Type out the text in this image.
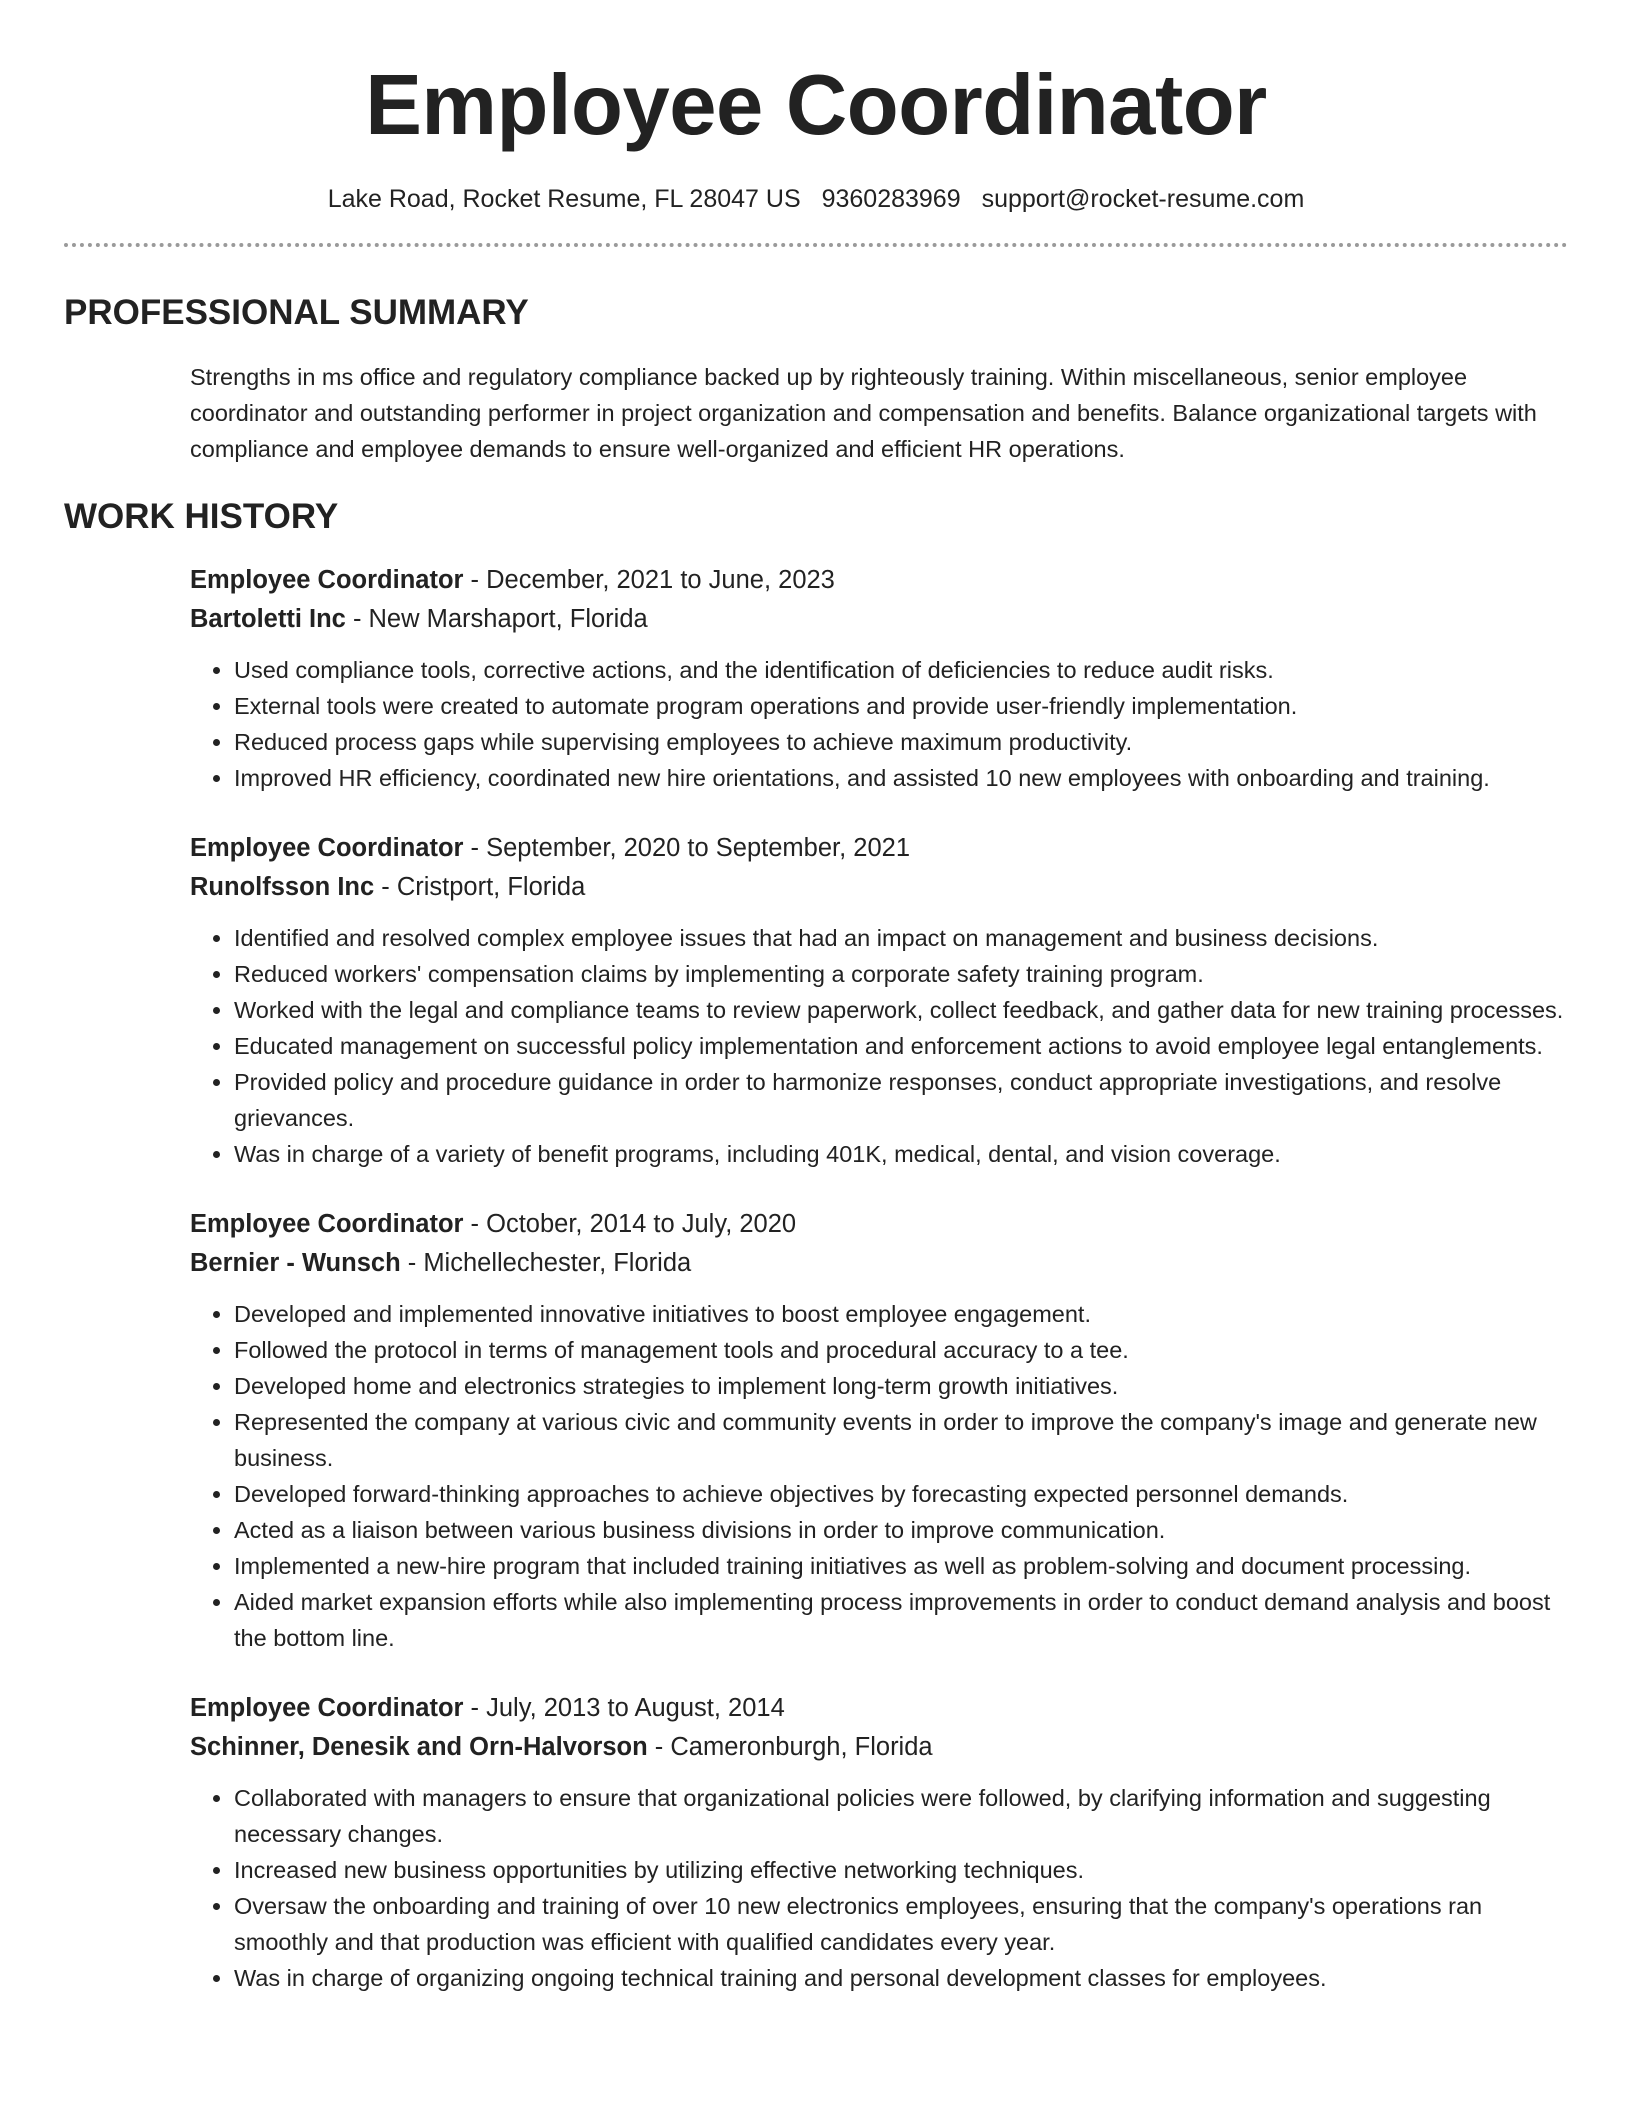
Employee Coordinator
Lake Road, Rocket Resume, FL 28047 US 9360283969 support@rocket-resume.com
PROFESSIONAL SUMMARY

Strengths in ms office and regulatory compliance backed up by righteously training. Within miscellaneous, senior employee coordinator and outstanding performer in project organization and compensation and benefits. Balance organizational targets with compliance and employee demands to ensure well-organized and efficient HR operations.

WORK HISTORY
Employee Coordinator - December, 2021 to June, 2023
Bartoletti Inc - New Marshaport, Florida
• Used compliance tools, corrective actions, and the identification of deficiencies to reduce audit risks.
• External tools were created to automate program operations and provide user-friendly implementation.
• Reduced process gaps while supervising employees to achieve maximum productivity.
• Improved HR efficiency, coordinated new hire orientations, and assisted 10 new employees with onboarding and training.
Employee Coordinator - September, 2020 to September, 2021
Runolfsson Inc - Cristport, Florida
• Identified and resolved complex employee issues that had an impact on management and business decisions.
• Reduced workers' compensation claims by implementing a corporate safety training program.
• Worked with the legal and compliance teams to review paperwork, collect feedback, and gather data for new training processes.
• Educated management on successful policy implementation and enforcement actions to avoid employee legal entanglements.
• Provided policy and procedure guidance in order to harmonize responses, conduct appropriate investigations, and resolve grievances.
• Was in charge of a variety of benefit programs, including 401K, medical, dental, and vision coverage.
Employee Coordinator - October, 2014 to July, 2020
Bernier - Wunsch - Michellechester, Florida
• Developed and implemented innovative initiatives to boost employee engagement.
• Followed the protocol in terms of management tools and procedural accuracy to a tee.
• Developed home and electronics strategies to implement long-term growth initiatives.
• Represented the company at various civic and community events in order to improve the company's image and generate new business.
• Developed forward-thinking approaches to achieve objectives by forecasting expected personnel demands.
• Acted as a liaison between various business divisions in order to improve communication.
• Implemented a new-hire program that included training initiatives as well as problem-solving and document processing.
• Aided market expansion efforts while also implementing process improvements in order to conduct demand analysis and boost the bottom line.
Employee Coordinator - July, 2013 to August, 2014
Schinner, Denesik and Orn-Halvorson - Cameronburgh, Florida
• Collaborated with managers to ensure that organizational policies were followed, by clarifying information and suggesting necessary changes.
• Increased new business opportunities by utilizing effective networking techniques.
• Oversaw the onboarding and training of over 10 new electronics employees, ensuring that the company's operations ran smoothly and that production was efficient with qualified candidates every year.
• Was in charge of organizing ongoing technical training and personal development classes for employees.
